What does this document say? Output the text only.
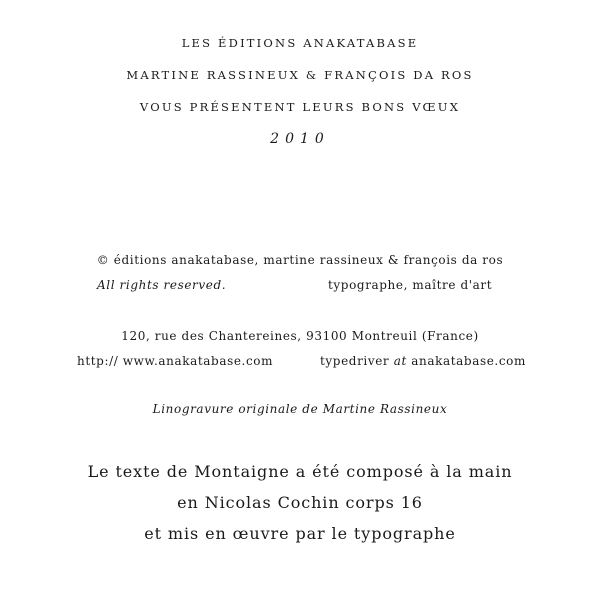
LES ÉDITIONS ANAKATABASE
MARTINE RASSINEUX & FRANÇOIS DA ROS
VOUS PRÉSENTENT LEURS BONS VŒUX
2010
© éditions anakatabase, martine rassineux & françois da ros
All rights reserved.	typographe, maître d'art
120, rue des Chantereines, 93100 Montreuil (France)
http:// www.anakatabase.com	typedriver at anakatabase.com
Linogravure originale de Martine Rassineux
Le texte de Montaigne a été composé à la main
en Nicolas Cochin corps 16
et mis en œuvre par le typographe
